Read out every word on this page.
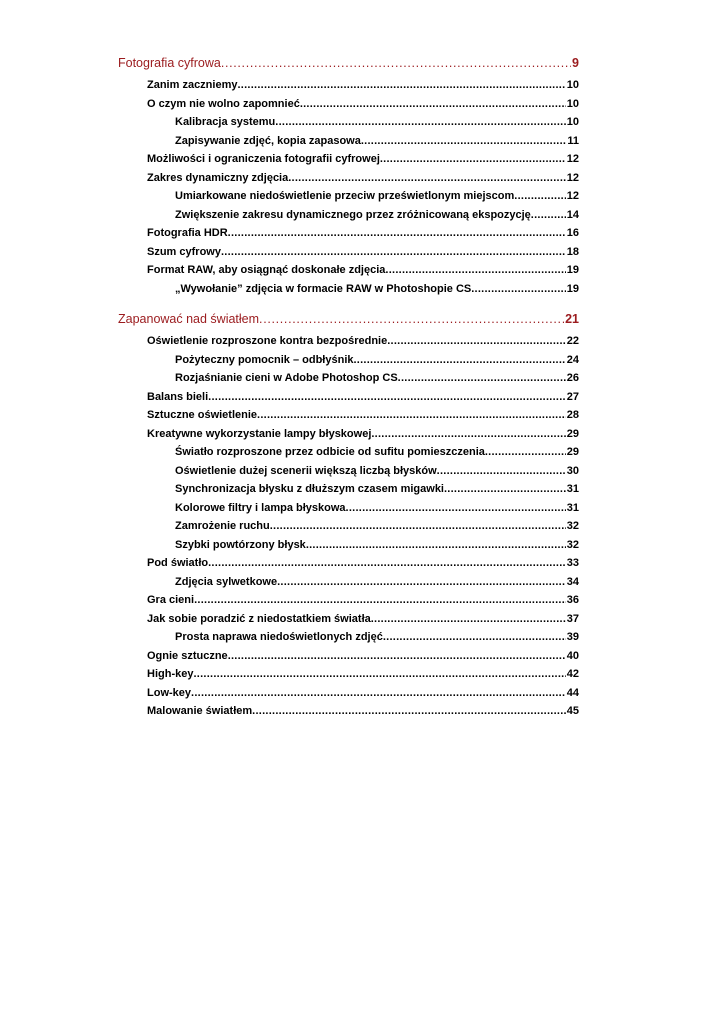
Fotografia cyfrowa . . .	9
Zanim zaczniemy . . .	10
O czym nie wolno zapomnieć . . .	10
Kalibracja systemu . . .	10
Zapisywanie zdjęć, kopia zapasowa . . .	11
Możliwości i ograniczenia fotografii cyfrowej . . .	12
Zakres dynamiczny zdjęcia . . .	12
Umiarkowane niedoświetlenie przeciw prześwietlonym miejscom . . .	12
Zwiększenie zakresu dynamicznego przez zróżnicowaną ekspozycję . . .	14
Fotografia HDR . . .	16
Szum cyfrowy . . .	18
Format RAW, aby osiągnąć doskonałe zdjęcia . . .	19
„Wywołanie” zdjęcia w formacie RAW w Photoshopie CS . . .	19
Zapanować nad światłem . . .	21
Oświetlenie rozproszone kontra bezpośrednie . . .	22
Pożyteczny pomocnik – odbłyśnik . . .	24
Rozjaśnianie cieni w Adobe Photoshop CS . . .	26
Balans bieli . . .	27
Sztuczne oświetlenie . . .	28
Kreatywne wykorzystanie lampy błyskowej . . .	29
Światło rozproszone przez odbicie od sufitu pomieszczenia . . .	29
Oświetlenie dużej scenerii większą liczbą błysków . . .	30
Synchronizacja błysku z dłuższym czasem migawki . . .	31
Kolorowe filtry i lampa błyskowa . . .	31
Zamrożenie ruchu . . .	32
Szybki powtórzony błysk . . .	32
Pod światło . . .	33
Zdjęcia sylwetkowe . . .	34
Gra cieni . . .	36
Jak sobie poradzić z niedostatkiem światła . . .	37
Prosta naprawa niedoświetlonych zdjęć . . .	39
Ognie sztuczne . . .	40
High-key . . .	42
Low-key . . .	44
Malowanie światłem . . .	45
